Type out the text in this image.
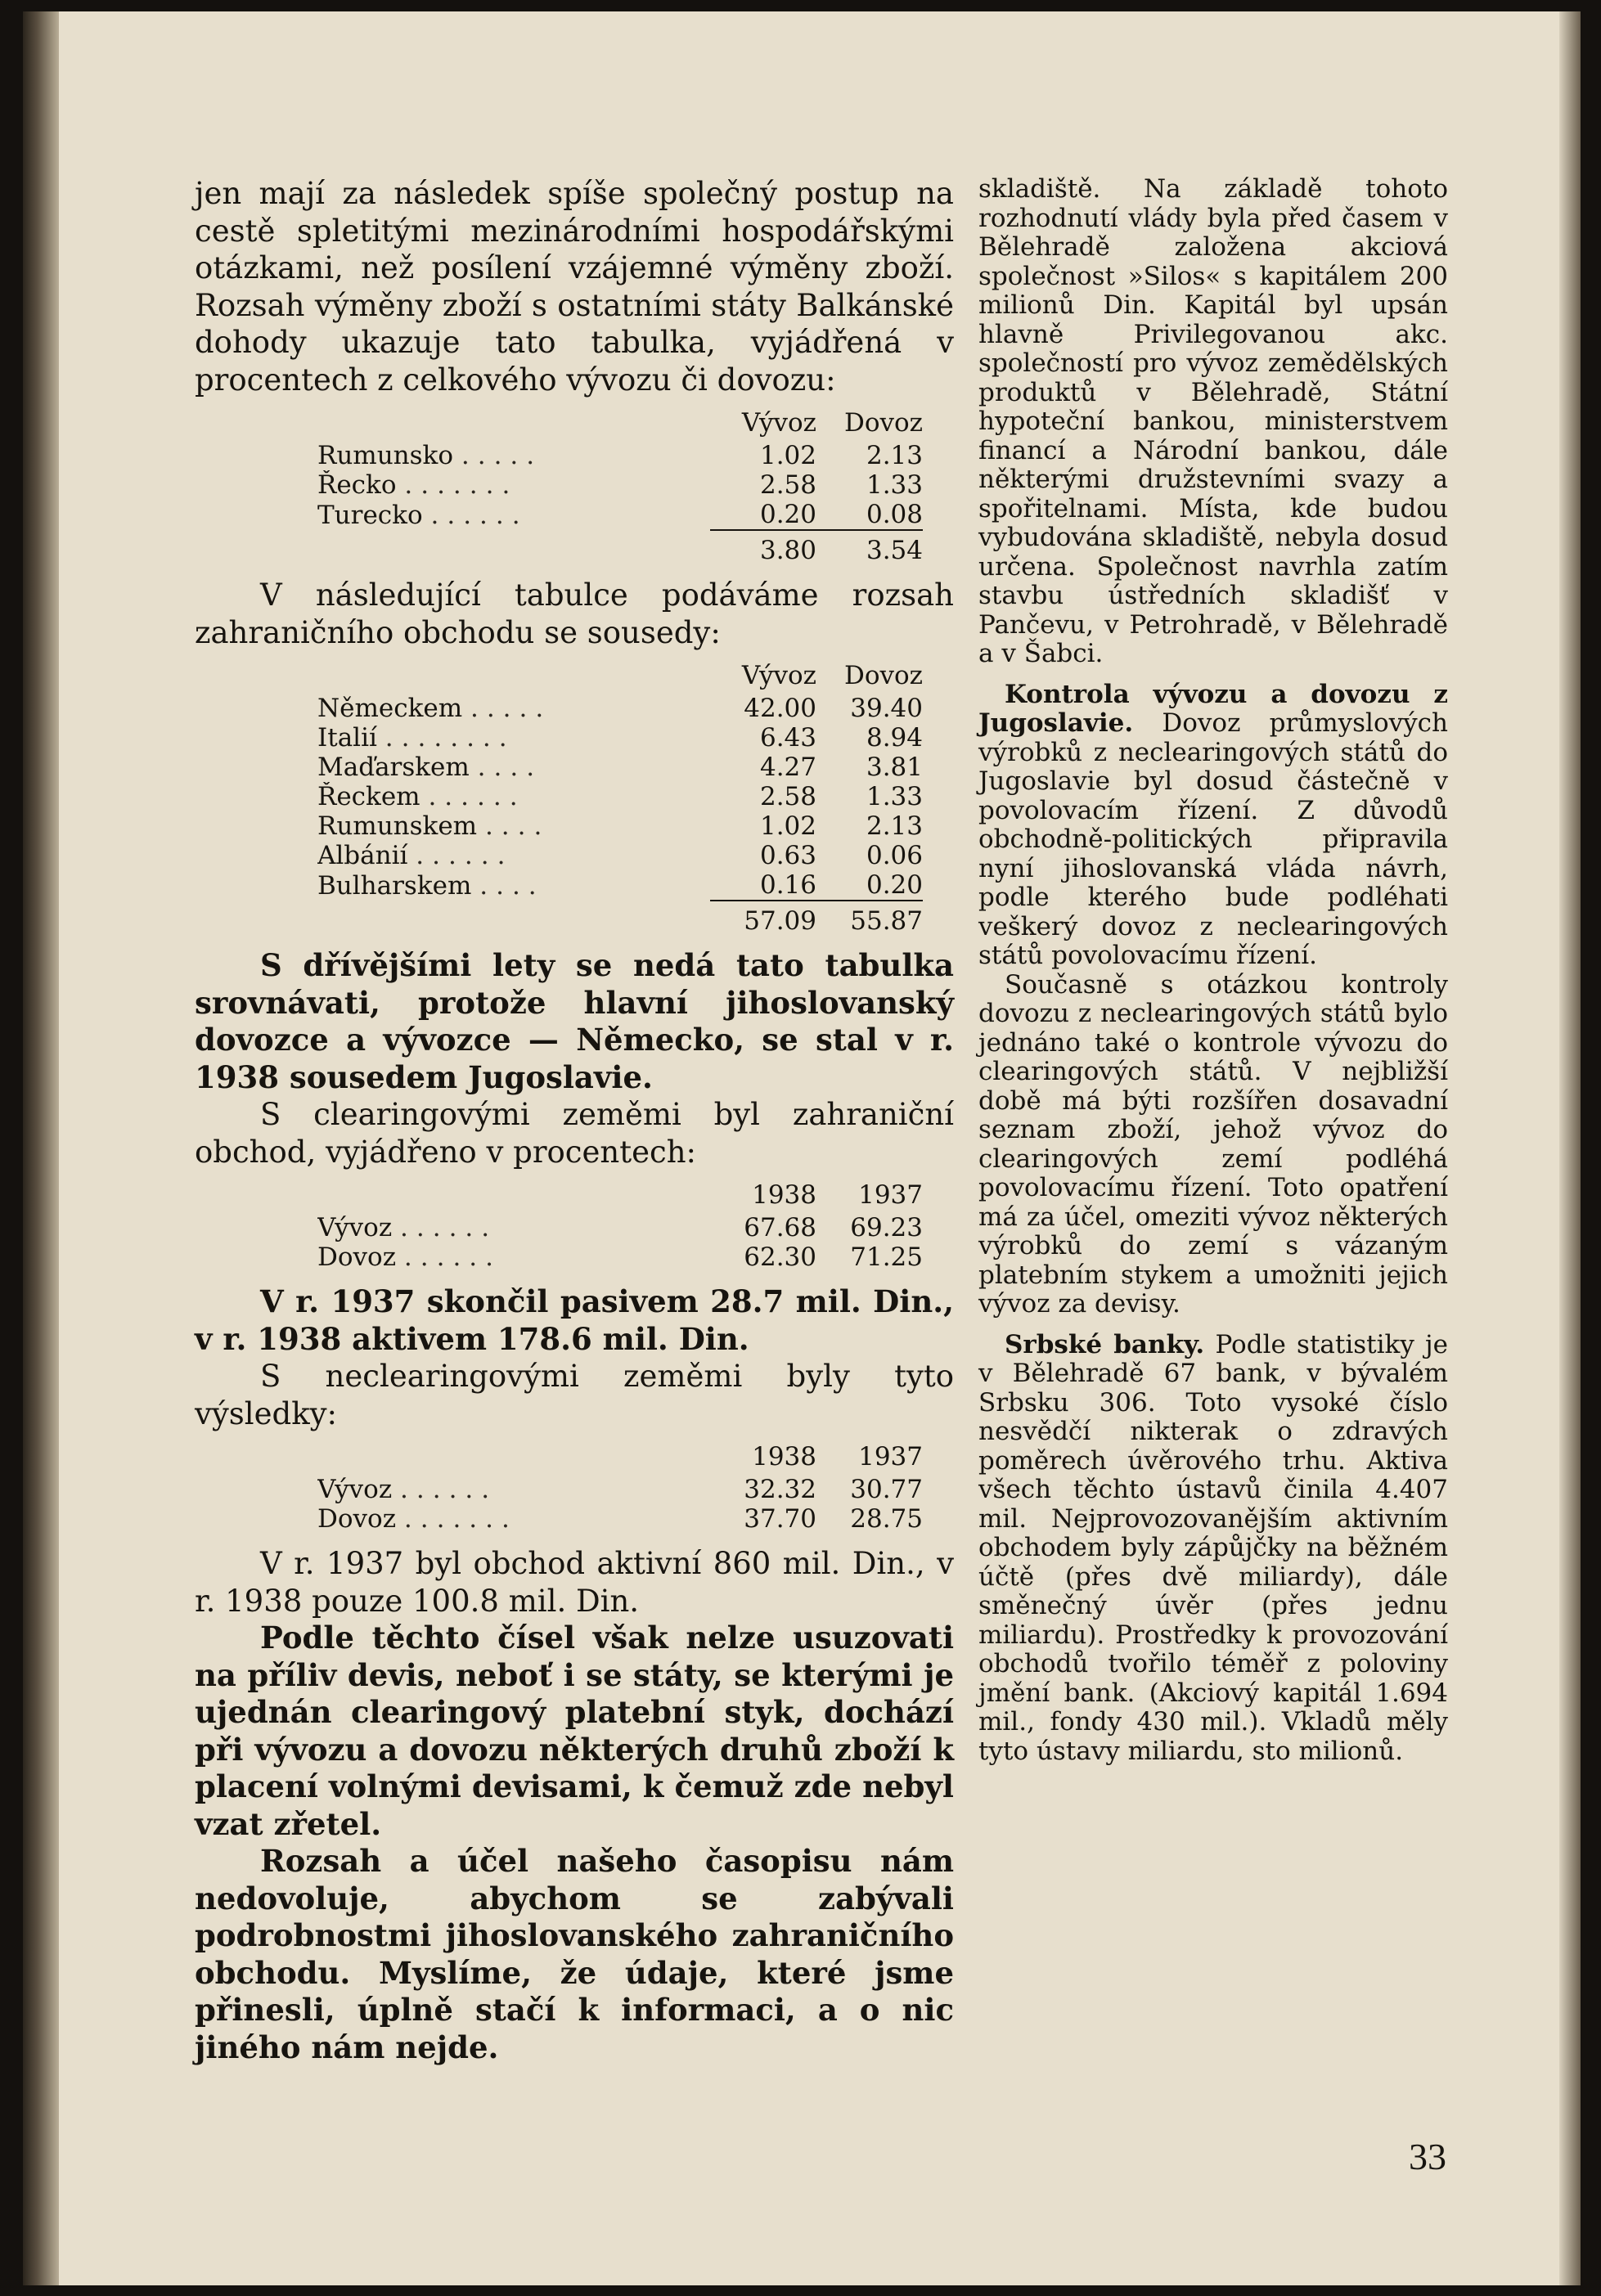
jen mají za následek spíše společný postup na cestě spletitými mezinárodními hospodářskými otázkami, než posílení vzájemné výměny zboží. Rozsah výměny zboží s ostatními státy Balkánské dohody ukazuje tato tabulka, vyjádřená v procentech z celkového vývozu či dovozu:

	Vývoz	Dovoz
Rumunsko .....	1.02	2.13
Řecko .......	2.58	1.33
Turecko ......	0.20	0.08
	3.80	3.54

V následující tabulce podáváme rozsah zahraničního obchodu se sousedy:

	Vývoz	Dovoz
Německem .....	42.00	39.40
Italií ........	6.43	8.94
Maďarskem ....	4.27	3.81
Řeckem ......	2.58	1.33
Rumunskem ....	1.02	2.13
Albánií ......	0.63	0.06
Bulharskem ....	0.16	0.20
	57.09	55.87

S dřívějšími lety se nedá tato tabulka srovnávati, protože hlavní jihoslovanský dovozce a vývozce — Německo, se stal v r. 1938 sousedem Jugoslavie.

S clearingovými zeměmi byl zahraniční obchod, vyjádřeno v procentech:

	1938	1937
Vývoz ......	67.68	69.23
Dovoz ......	62.30	71.25

V r. 1937 skončil pasivem 28.7 mil. Din., v r. 1938 aktivem 178.6 mil. Din.

S neclearingovými zeměmi byly tyto výsledky:

	1938	1937
Vývoz ......	32.32	30.77
Dovoz .......	37.70	28.75

V r. 1937 byl obchod aktivní 860 mil. Din., v r. 1938 pouze 100.8 mil. Din.

Podle těchto čísel však nelze usuzovati na příliv devis, neboť i se státy, se kterými je ujednán clearingový platební styk, dochází při vývozu a dovozu některých druhů zboží k placení volnými devisami, k čemuž zde nebyl vzat zřetel.

Rozsah a účel našeho časopisu nám nedovoluje, abychom se zabývali podrobnostmi jihoslovanského zahraničního obchodu. Myslíme, že údaje, které jsme přinesli, úplně stačí k informaci, a o nic jiného nám nejde.

skladiště. Na základě tohoto rozhodnutí vlády byla před časem v Bělehradě založena akciová společnost »Silos« s kapitálem 200 milionů Din. Kapitál byl upsán hlavně Privilegovanou akc. společností pro vývoz zemědělských produktů v Bělehradě, Státní hypoteční bankou, ministerstvem financí a Národní bankou, dále některými družstevními svazy a spořitelnami. Místa, kde budou vybudována skladiště, nebyla dosud určena. Společnost navrhla zatím stavbu ústředních skladišť v Pančevu, v Petrohradě, v Bělehradě a v Šabci.

Kontrola vývozu a dovozu z Jugoslavie. Dovoz průmyslových výrobků z neclearingových států do Jugoslavie byl dosud částečně v povolovacím řízení. Z důvodů obchodně-politických připravila nyní jihoslovanská vláda návrh, podle kterého bude podléhati veškerý dovoz z neclearingových států povolovacímu řízení.

Současně s otázkou kontroly dovozu z neclearingových států bylo jednáno také o kontrole vývozu do clearingových států. V nejbližší době má býti rozšířen dosavadní seznam zboží, jehož vývoz do clearingových zemí podléhá povolovacímu řízení. Toto opatření má za účel, omeziti vývoz některých výrobků do zemí s vázaným platebním stykem a umožniti jejich vývoz za devisy.

Srbské banky. Podle statistiky je v Bělehradě 67 bank, v bývalém Srbsku 306. Toto vysoké číslo nesvědčí nikterak o zdravých poměrech úvěrového trhu. Aktiva všech těchto ústavů činila 4.407 mil. Nejprovozovanějším aktivním obchodem byly zápůjčky na běžném účtě (přes dvě miliardy), dále směnečný úvěr (přes jednu miliardu). Prostředky k provozování obchodů tvořilo téměř z poloviny jmění bank. (Akciový kapitál 1.694 mil., fondy 430 mil.). Vkladů měly tyto ústavy miliardu, sto milionů.

33
